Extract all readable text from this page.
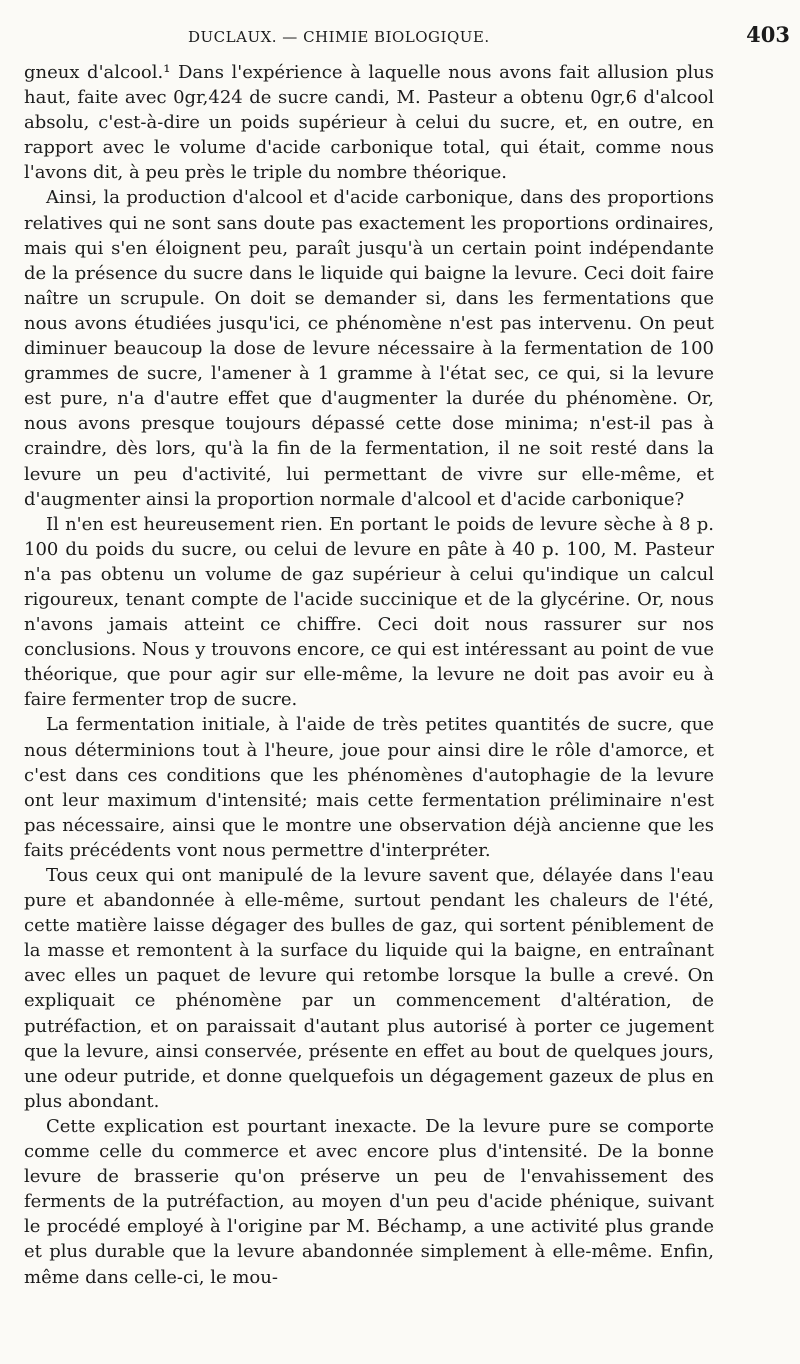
DUCLAUX. — CHIMIE BIOLOGIQUE.	403

gneux d'alcool.¹ Dans l'expérience à laquelle nous avons fait allusion plus haut, faite avec 0gr,424 de sucre candi, M. Pasteur a obtenu 0gr,6 d'alcool absolu, c'est-à-dire un poids supérieur à celui du sucre, et, en outre, en rapport avec le volume d'acide carbonique total, qui était, comme nous l'avons dit, à peu près le triple du nombre théorique.

Ainsi, la production d'alcool et d'acide carbonique, dans des proportions relatives qui ne sont sans doute pas exactement les proportions ordinaires, mais qui s'en éloignent peu, paraît jusqu'à un certain point indépendante de la présence du sucre dans le liquide qui baigne la levure. Ceci doit faire naître un scrupule. On doit se demander si, dans les fermentations que nous avons étudiées jusqu'ici, ce phénomène n'est pas intervenu. On peut diminuer beaucoup la dose de levure nécessaire à la fermentation de 100 grammes de sucre, l'amener à 1 gramme à l'état sec, ce qui, si la levure est pure, n'a d'autre effet que d'augmenter la durée du phénomène. Or, nous avons presque toujours dépassé cette dose minima; n'est-il pas à craindre, dès lors, qu'à la fin de la fermentation, il ne soit resté dans la levure un peu d'activité, lui permettant de vivre sur elle-même, et d'augmenter ainsi la proportion normale d'alcool et d'acide carbonique?

Il n'en est heureusement rien. En portant le poids de levure sèche à 8 p. 100 du poids du sucre, ou celui de levure en pâte à 40 p. 100, M. Pasteur n'a pas obtenu un volume de gaz supérieur à celui qu'indique un calcul rigoureux, tenant compte de l'acide succinique et de la glycérine. Or, nous n'avons jamais atteint ce chiffre. Ceci doit nous rassurer sur nos conclusions. Nous y trouvons encore, ce qui est intéressant au point de vue théorique, que pour agir sur elle-même, la levure ne doit pas avoir eu à faire fermenter trop de sucre.

La fermentation initiale, à l'aide de très petites quantités de sucre, que nous déterminions tout à l'heure, joue pour ainsi dire le rôle d'amorce, et c'est dans ces conditions que les phénomènes d'autophagie de la levure ont leur maximum d'intensité; mais cette fermentation préliminaire n'est pas nécessaire, ainsi que le montre une observation déjà ancienne que les faits précédents vont nous permettre d'interpréter.

Tous ceux qui ont manipulé de la levure savent que, délayée dans l'eau pure et abandonnée à elle-même, surtout pendant les chaleurs de l'été, cette matière laisse dégager des bulles de gaz, qui sortent péniblement de la masse et remontent à la surface du liquide qui la baigne, en entraînant avec elles un paquet de levure qui retombe lorsque la bulle a crevé. On expliquait ce phénomène par un commencement d'altération, de putréfaction, et on paraissait d'autant plus autorisé à porter ce jugement que la levure, ainsi conservée, présente en effet au bout de quelques jours, une odeur putride, et donne quelquefois un dégagement gazeux de plus en plus abondant.

Cette explication est pourtant inexacte. De la levure pure se comporte comme celle du commerce et avec encore plus d'intensité. De la bonne levure de brasserie qu'on préserve un peu de l'envahissement des ferments de la putréfaction, au moyen d'un peu d'acide phénique, suivant le procédé employé à l'origine par M. Béchamp, a une activité plus grande et plus durable que la levure abandonnée simplement à elle-même. Enfin, même dans celle-ci, le mou-
